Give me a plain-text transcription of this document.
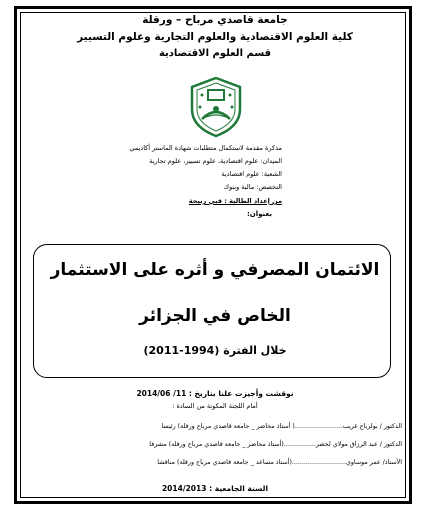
جامعة قاصدي مرباح – ورقلة
كلية العلوم الاقتصادية والعلوم التجارية وعلوم التسيير
قسم العلوم الاقتصادية
مذكرة مقدمة لاستكمال متطلبات شهادة الماستر أكاديمي
الميدان: علوم اقتصادية، علوم تسيير، علوم تجارية
الشعبة: علوم اقتصادية
التخصص: مالية وبنوك
من إعداد الطالبة : قبي ربيحة
بعنوان:
الائتمان المصرفي و أثره على الاستثمار
الخاص في الجزائر
خلال الفترة (1994-2011)
نوقشت وأجيزت علنا بتاريخ : 11/ 2014/06
أمام اللجنة المكونة من السادة :
الدكتور / بولرباح غريب........................( أستاذ محاضر _ جامعة قاصدي مرباح ورقلة) رئيسا
الدكتور / عبد الرزاق مولاي لخضر................(أستاذ محاضر _ جامعة قاصدي مرباح ورقلة) مشرفا
الأستاذ/ عمر موساوي...........................(أستاذ مساعد _ جامعة قاصدي مرباح ورقلة) مناقشا
السنة الجامعية : 2014/2013
